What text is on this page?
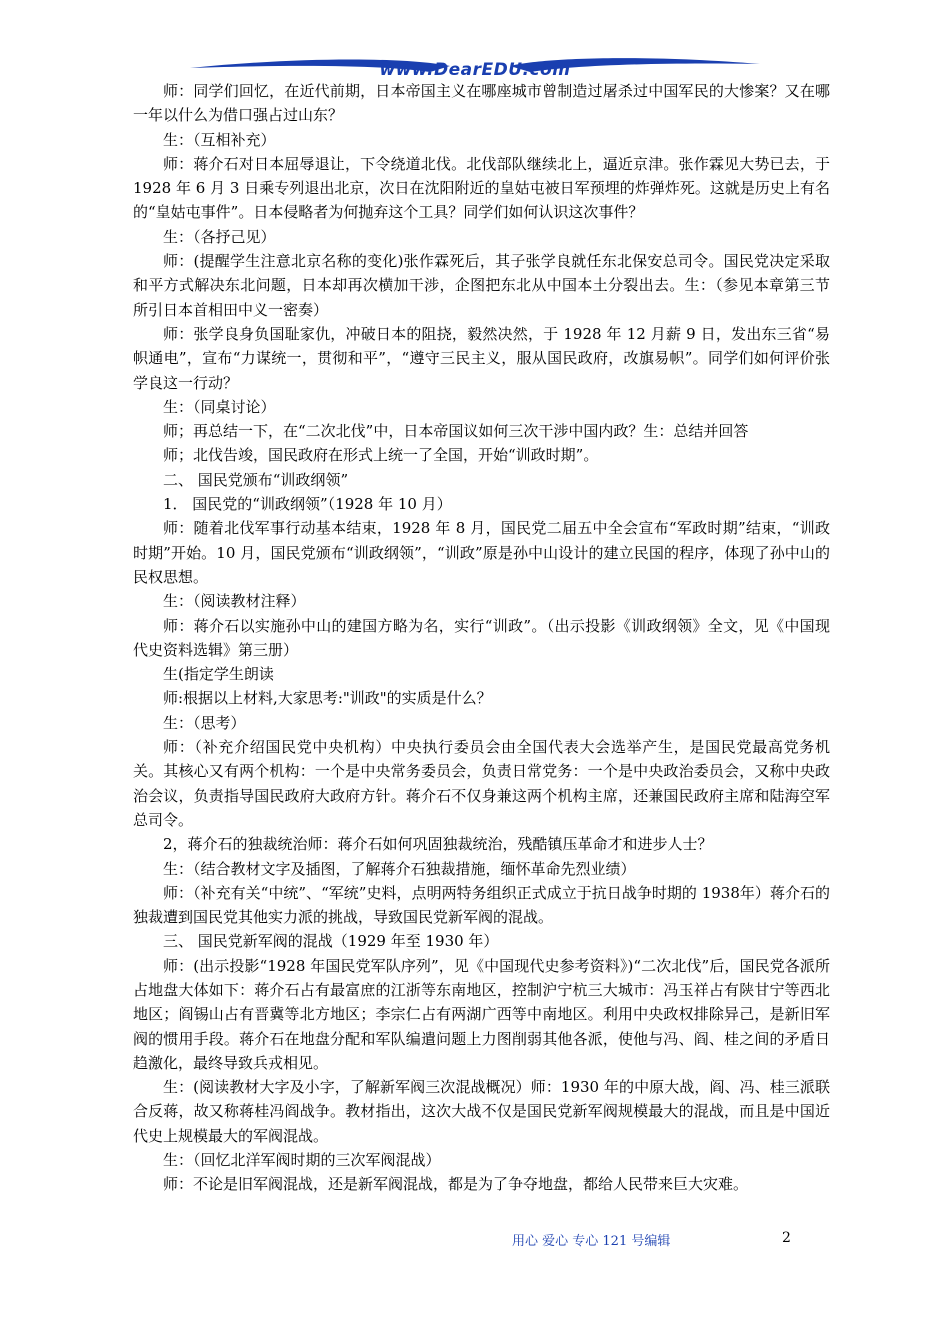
www.DearEDU.com

师：同学们回忆，在近代前期，日本帝国主义在哪座城市曾制造过屠杀过中国军民的大惨案？又在哪一年以什么为借口强占过山东？

生：（互相补充）

师：蒋介石对日本屈辱退让，下令绕道北伐。北伐部队继续北上，逼近京津。张作霖见大势已去，于 1928 年 6 月 3 日乘专列退出北京，次日在沈阳附近的皇姑屯被日军预埋的炸弹炸死。这就是历史上有名的“皇姑屯事件”。日本侵略者为何抛弃这个工具？同学们如何认识这次事件？

生：（各抒己见）

师：(提醒学生注意北京名称的变化)张作霖死后，其子张学良就任东北保安总司令。国民党决定采取和平方式解决东北问题，日本却再次横加干涉，企图把东北从中国本土分裂出去。生：（参见本章第三节所引日本首相田中义一密奏）

师：张学良身负国耻家仇，冲破日本的阻挠，毅然决然，于 1928 年 12 月薪 9 日，发出东三省“易帜通电”，宣布“力谋统一，贯彻和平”，“遵守三民主义，服从国民政府，改旗易帜”。同学们如何评价张学良这一行动？

生：（同桌讨论）

师；再总结一下，在“二次北伐”中，日本帝国议如何三次干涉中国内政？生：总结并回答

师；北伐告竣，国民政府在形式上统一了全国，开始“训政时期”。

二、 国民党颁布“训政纲领”

1． 国民党的“训政纲领”（1928 年 10 月）

师：随着北伐军事行动基本结束，1928 年 8 月，国民党二届五中全会宣布“军政时期”结束，“训政时期”开始。10 月，国民党颁布“训政纲领”，“训政”原是孙中山设计的建立民国的程序，体现了孙中山的民权思想。

生：（阅读教材注释）

师：蒋介石以实施孙中山的建国方略为名，实行“训政”。（出示投影《训政纲领》全文，见《中国现代史资料选辑》第三册）

生(指定学生朗读

师:根据以上材料,大家思考:"训政"的实质是什么？

生：（思考）

师：（补充介绍国民党中央机构）中央执行委员会由全国代表大会选举产生，是国民党最高党务机关。其核心又有两个机构：一个是中央常务委员会，负责日常党务：一个是中央政治委员会，又称中央政治会议，负责指导国民政府大政府方针。蒋介石不仅身兼这两个机构主席，还兼国民政府主席和陆海空军总司令。

2，蒋介石的独裁统治师：蒋介石如何巩固独裁统治，残酷镇压革命才和进步人士？

生：（结合教材文字及插图，了解蒋介石独裁措施，缅怀革命先烈业绩）

师：（补充有关“中统”、“军统”史料，点明两特务组织正式成立于抗日战争时期的 1938年）蒋介石的独裁遭到国民党其他实力派的挑战，导致国民党新军阀的混战。

三、 国民党新军阀的混战（1929 年至 1930 年）

师：(出示投影“1928 年国民党军队序列”，见《中国现代史参考资料》)“二次北伐”后，国民党各派所占地盘大体如下：蒋介石占有最富庶的江浙等东南地区，控制沪宁杭三大城市：冯玉祥占有陕甘宁等西北地区；阎锡山占有晋冀等北方地区；李宗仁占有两湖广西等中南地区。利用中央政权排除异己，是新旧军阀的惯用手段。蒋介石在地盘分配和军队编遣问题上力图削弱其他各派，使他与冯、阎、桂之间的矛盾日趋激化，最终导致兵戎相见。

生：(阅读教材大字及小字，了解新军阀三次混战概况）师：1930 年的中原大战，阎、冯、桂三派联合反蒋，故又称蒋桂冯阎战争。教材指出，这次大战不仅是国民党新军阀规模最大的混战，而且是中国近代史上规模最大的军阀混战。

生：（回忆北洋军阀时期的三次军阀混战）

师：不论是旧军阀混战，还是新军阀混战，都是为了争夺地盘，都给人民带来巨大灾难。

用心 爱心 专心 121 号编辑	2
